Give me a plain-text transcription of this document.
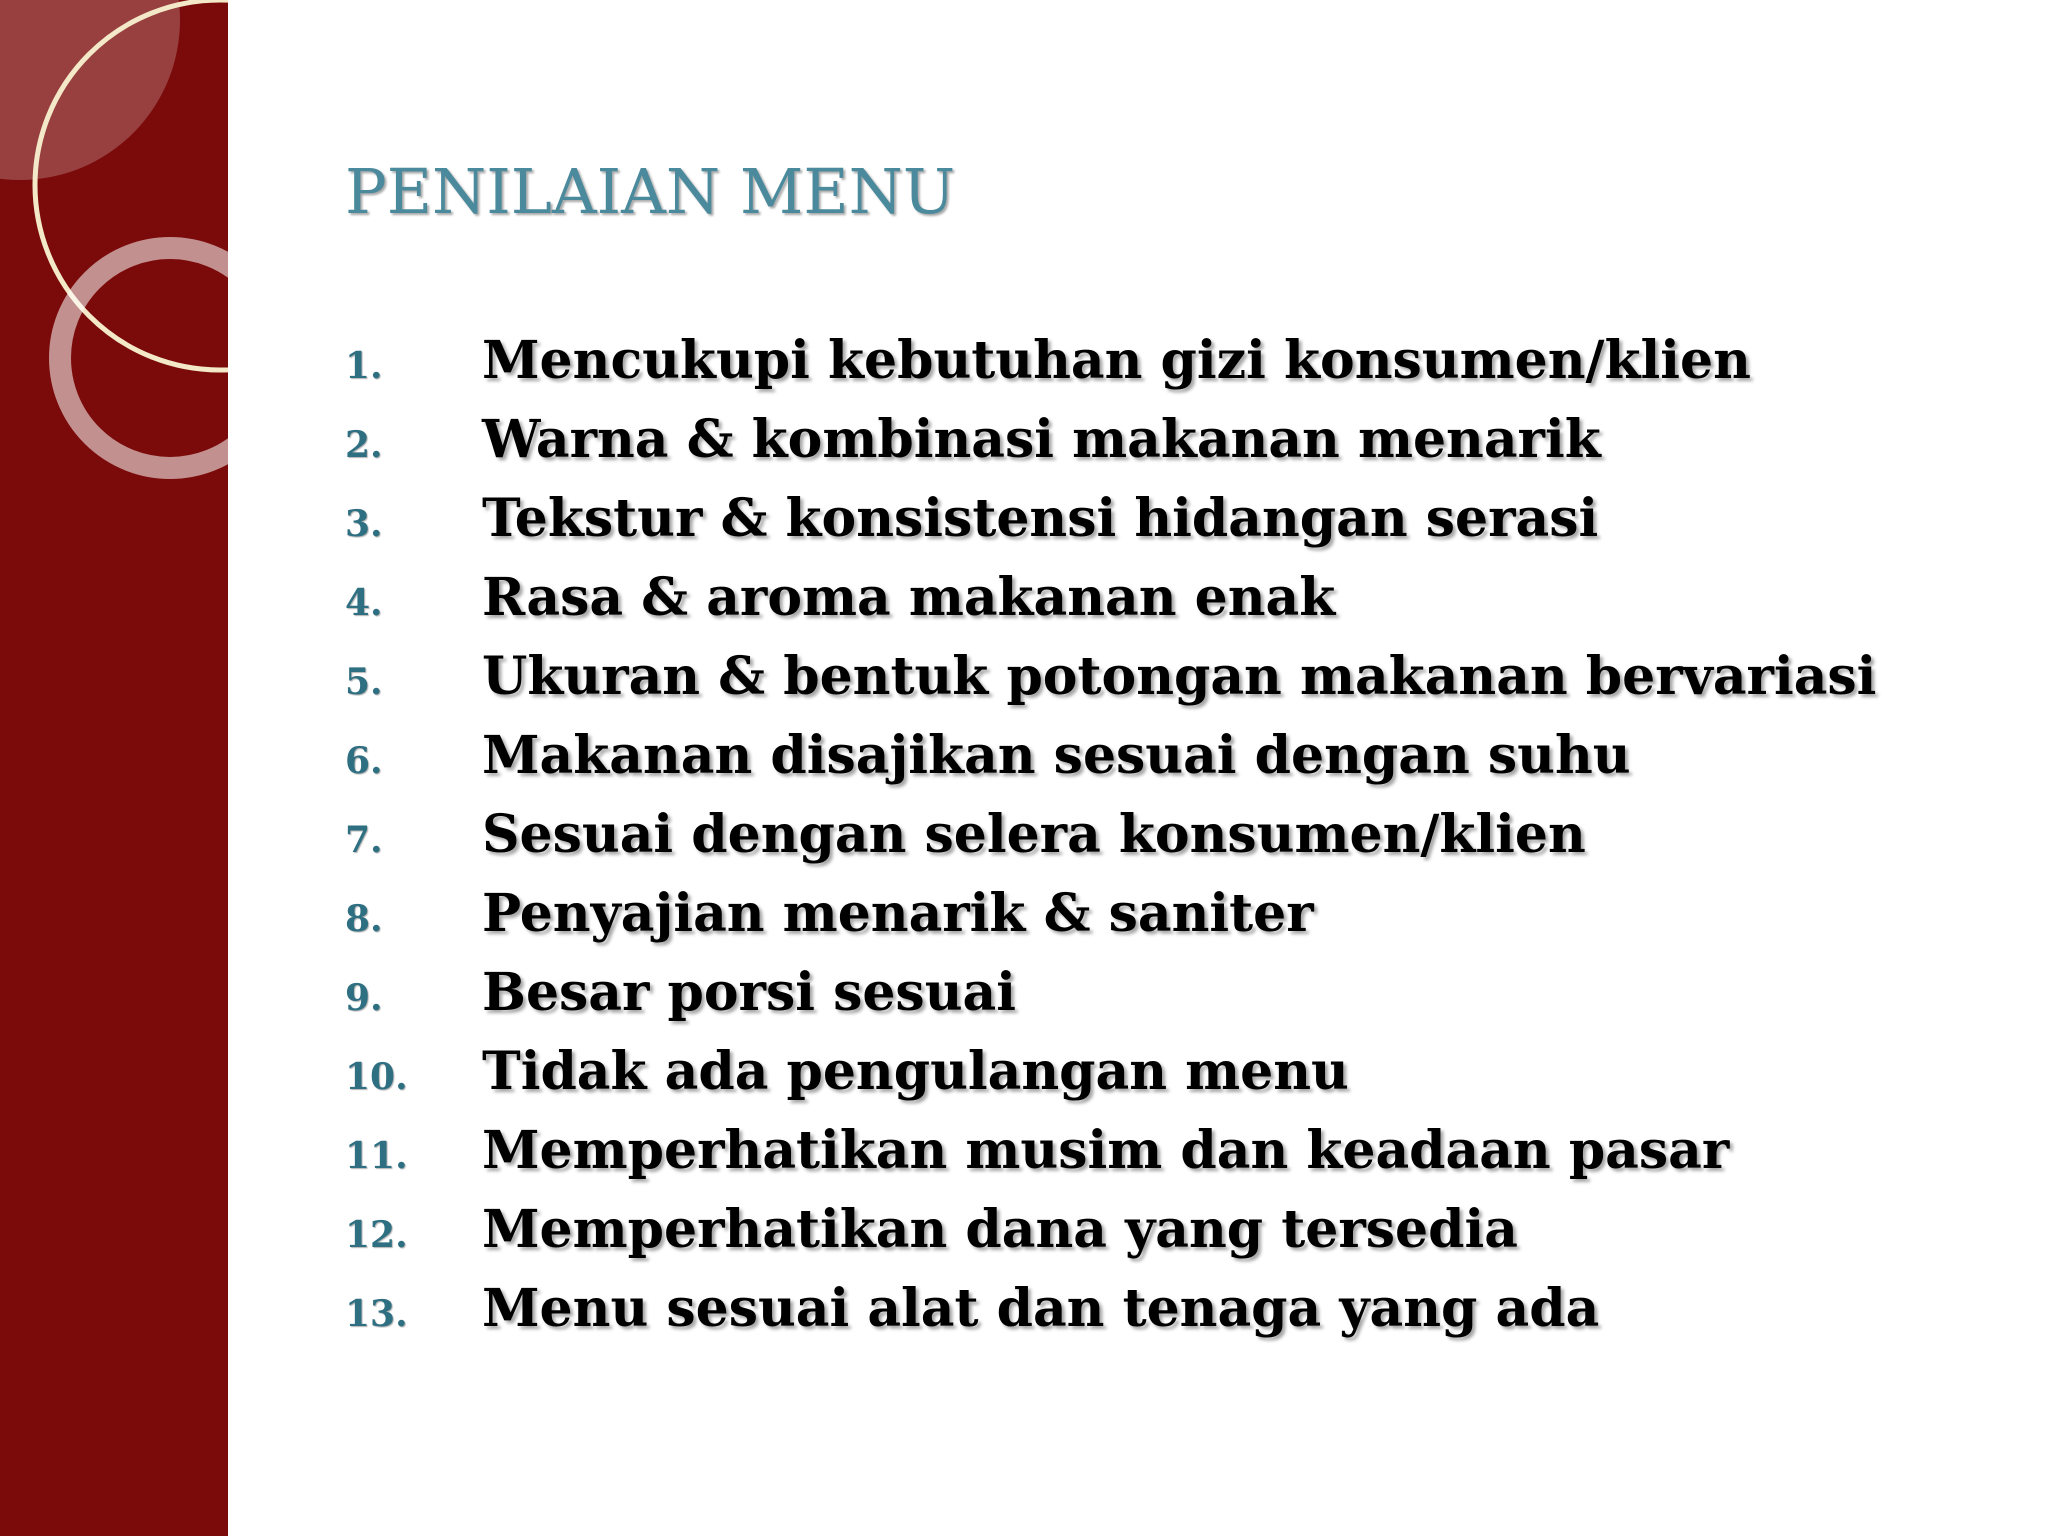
PENILAIAN MENU
1.	Mencukupi kebutuhan gizi konsumen/klien
2.	Warna & kombinasi makanan menarik
3.	Tekstur & konsistensi hidangan serasi
4.	Rasa & aroma makanan enak
5.	Ukuran & bentuk potongan makanan bervariasi
6.	Makanan disajikan sesuai dengan suhu
7.	Sesuai dengan selera konsumen/klien
8.	Penyajian menarik & saniter
9.	Besar porsi sesuai
10.	Tidak ada pengulangan menu
11.	Memperhatikan musim dan keadaan pasar
12.	Memperhatikan dana yang tersedia
13.	Menu sesuai alat dan tenaga yang ada
